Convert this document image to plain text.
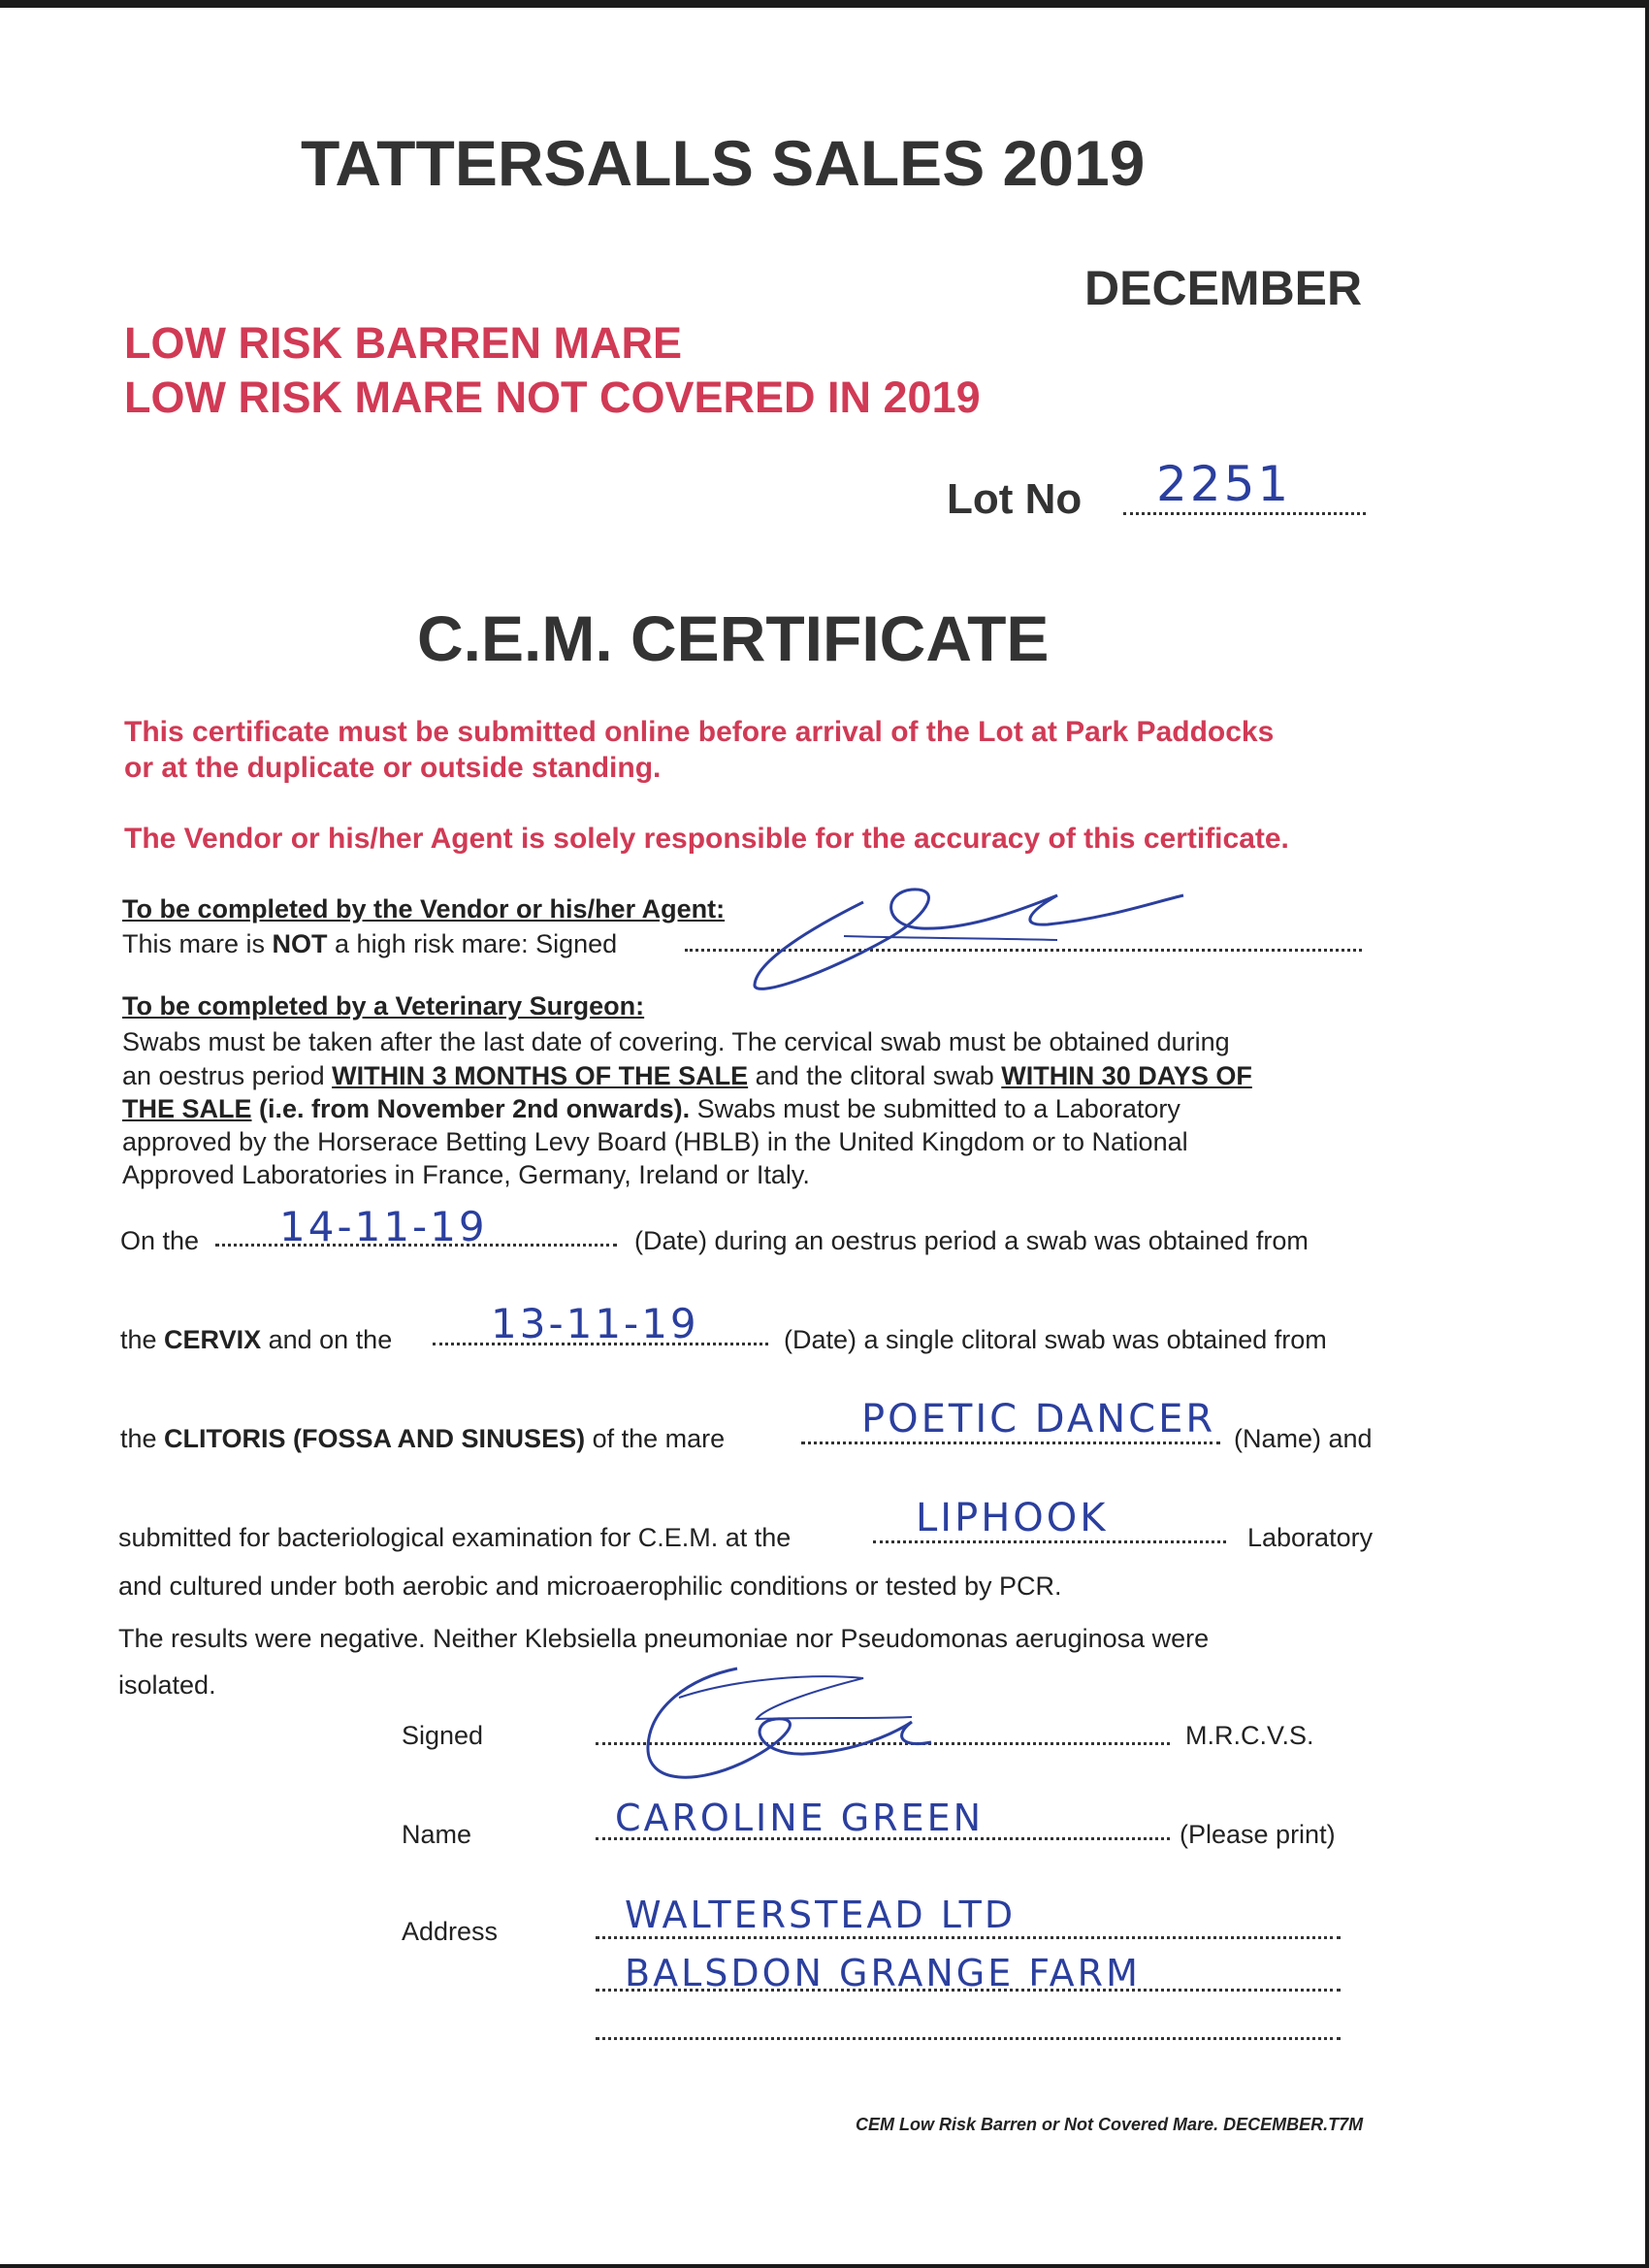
TATTERSALLS SALES 2019
DECEMBER
LOW RISK BARREN MARE
LOW RISK MARE NOT COVERED IN 2019
Lot No 2251
C.E.M. CERTIFICATE
This certificate must be submitted online before arrival of the Lot at Park Paddocks
or at the duplicate or outside standing.
The Vendor or his/her Agent is solely responsible for the accuracy of this certificate.
To be completed by the Vendor or his/her Agent:
This mare is NOT a high risk mare: Signed
To be completed by a Veterinary Surgeon:
Swabs must be taken after the last date of covering. The cervical swab must be obtained during
an oestrus period WITHIN 3 MONTHS OF THE SALE and the clitoral swab WITHIN 30 DAYS OF
THE SALE (i.e. from November 2nd onwards). Swabs must be submitted to a Laboratory
approved by the Horserace Betting Levy Board (HBLB) in the United Kingdom or to National
Approved Laboratories in France, Germany, Ireland or Italy.
On the 14-11-19	(Date) during an oestrus period a swab was obtained from
the CERVIX and on the 13-11-19	(Date) a single clitoral swab was obtained from
the CLITORIS (FOSSA AND SINUSES) of the mare	POETIC DANCER (Name) and
submitted for bacteriological examination for C.E.M. at the	LIPHOOK	Laboratory
and cultured under both aerobic and microaerophilic conditions or tested by PCR.
The results were negative. Neither Klebsiella pneumoniae nor Pseudomonas aeruginosa were
isolated.
Signed	M.R.C.V.S.
Name	CAROLINE GREEN	(Please print)
Address	WALTERSTEAD LTD
BALSDON GRANGE FARM
CEM Low Risk Barren or Not Covered Mare. DECEMBER.T7M
